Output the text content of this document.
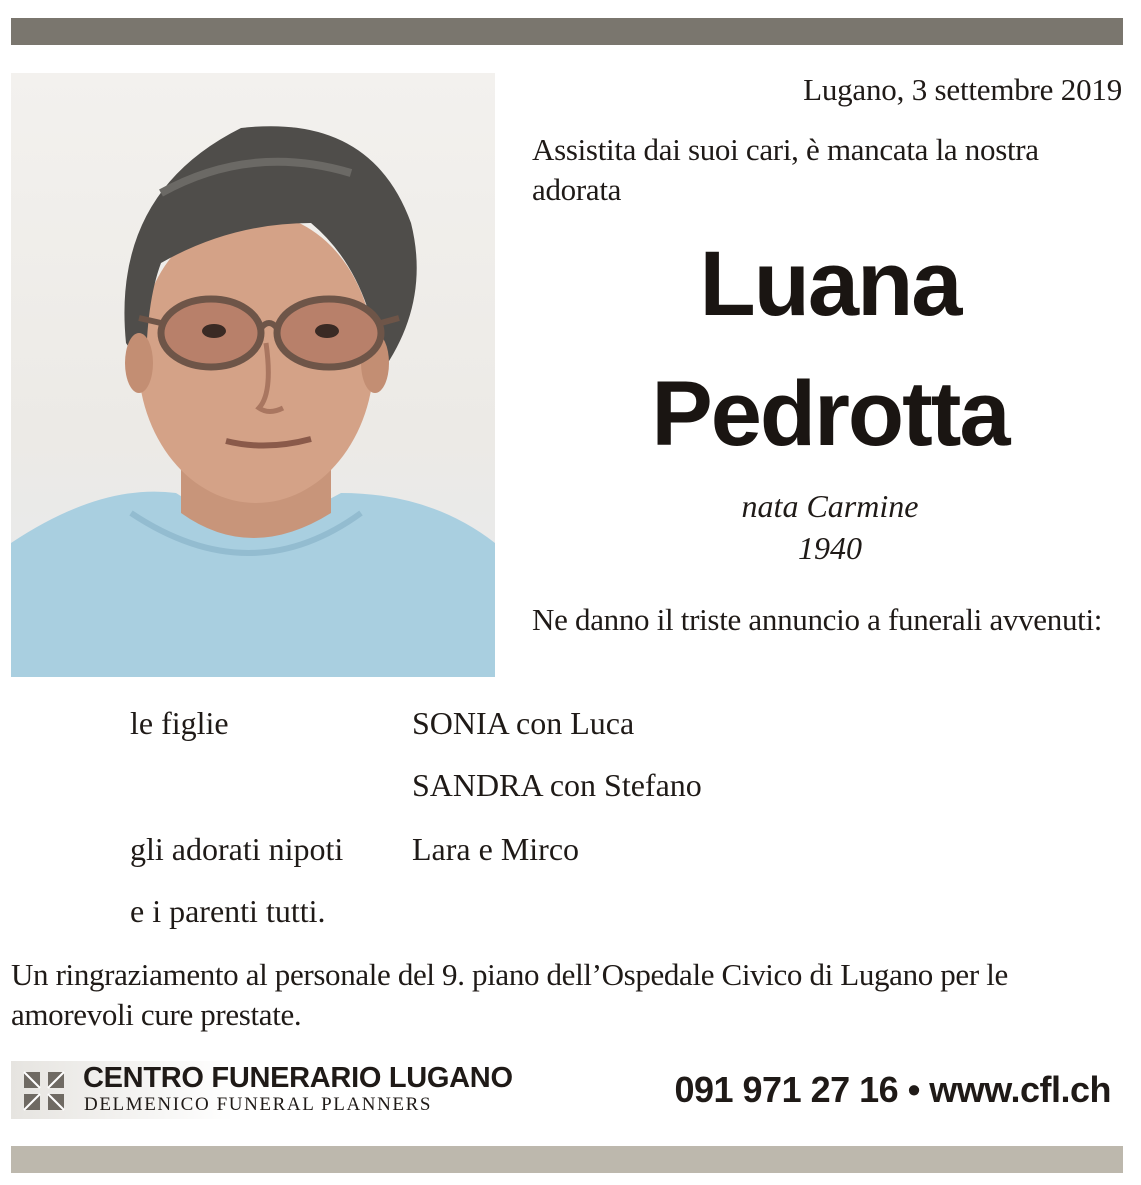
Lugano, 3 settembre 2019
Assistita dai suoi cari, è mancata la nostra adorata
Luana
Pedrotta
nata Carmine
1940
Ne danno il triste annuncio a funerali avvenuti:
le figlie	SONIA con Luca
SANDRA con Stefano
gli adorati nipoti Lara e Mirco
e i parenti tutti.
Un ringraziamento al personale del 9. piano dell’Ospedale Civico di Lugano per le amorevoli cure prestate.
CENTRO FUNERARIO LUGANO
DELMENICO FUNERAL PLANNERS	091 971 27 16 • www.cfl.ch
